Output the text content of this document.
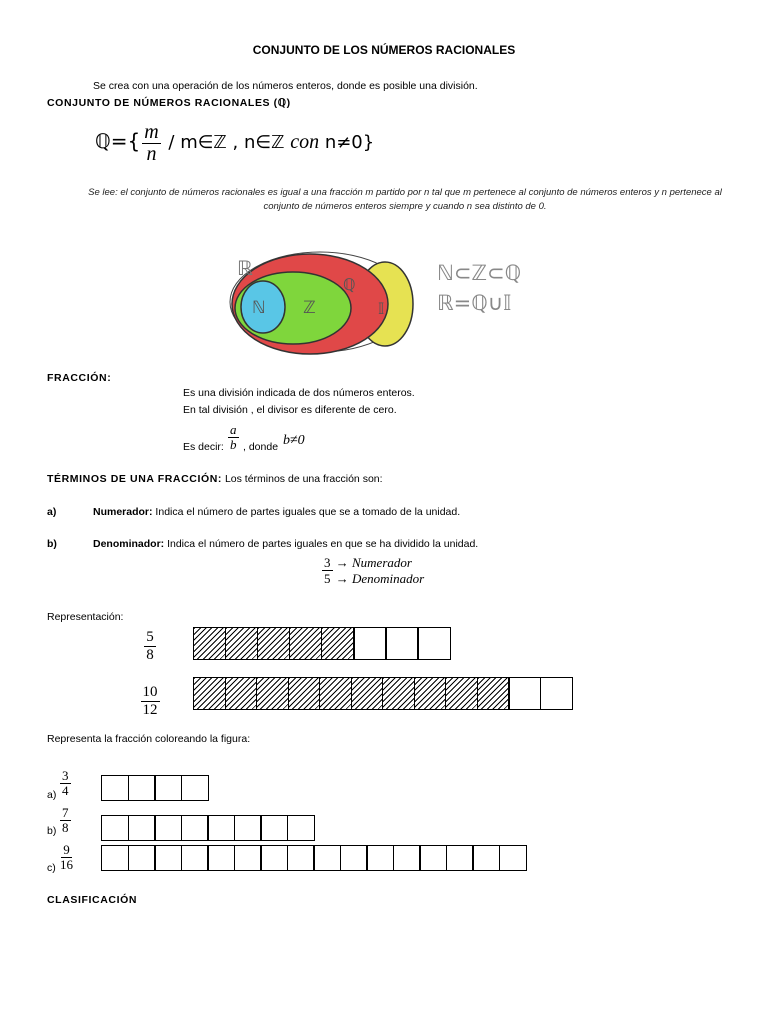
CONJUNTO DE LOS NÚMEROS RACIONALES
Se crea con una operación de los números enteros, donde es posible una división.
CONJUNTO DE NÚMEROS RACIONALES (ℚ)
ℚ={ $\frac{m}{n}$ / m∈ℤ , n∈ℤ con n≠0}
Se lee: el conjunto de números racionales es igual a una fracción m partido por n tal que m pertenece al conjunto de números enteros y n pertenece al conjunto de números enteros siempre y cuando n sea distinto de 0.
ℝ
ℕ ℤ
ℚ
𝕀
ℕ⊂ℤ⊂ℚ
ℝ=ℚ∪𝕀
FRACCIÓN:
Es una división indicada de dos números enteros.
En tal división , el divisor es diferente de cero.
Es decir: $\frac{a}{b}$ , donde b≠0
TÉRMINOS DE UNA FRACCIÓN: Los términos de una fracción son:
a)	Numerador: Indica el número de partes iguales que se a tomado de la unidad.
b)	Denominador: Indica el número de partes iguales en que se ha dividido la unidad.
3 → Numerador
5 → Denominador
Representación:
$\frac{5}{8}$
$\frac{10}{12}$
Representa la fracción coloreando la figura:
$a) \frac{3}{4}$
$b) \frac{7}{8}$
$c) \frac{9}{16}$
CLASIFICACIÓN
